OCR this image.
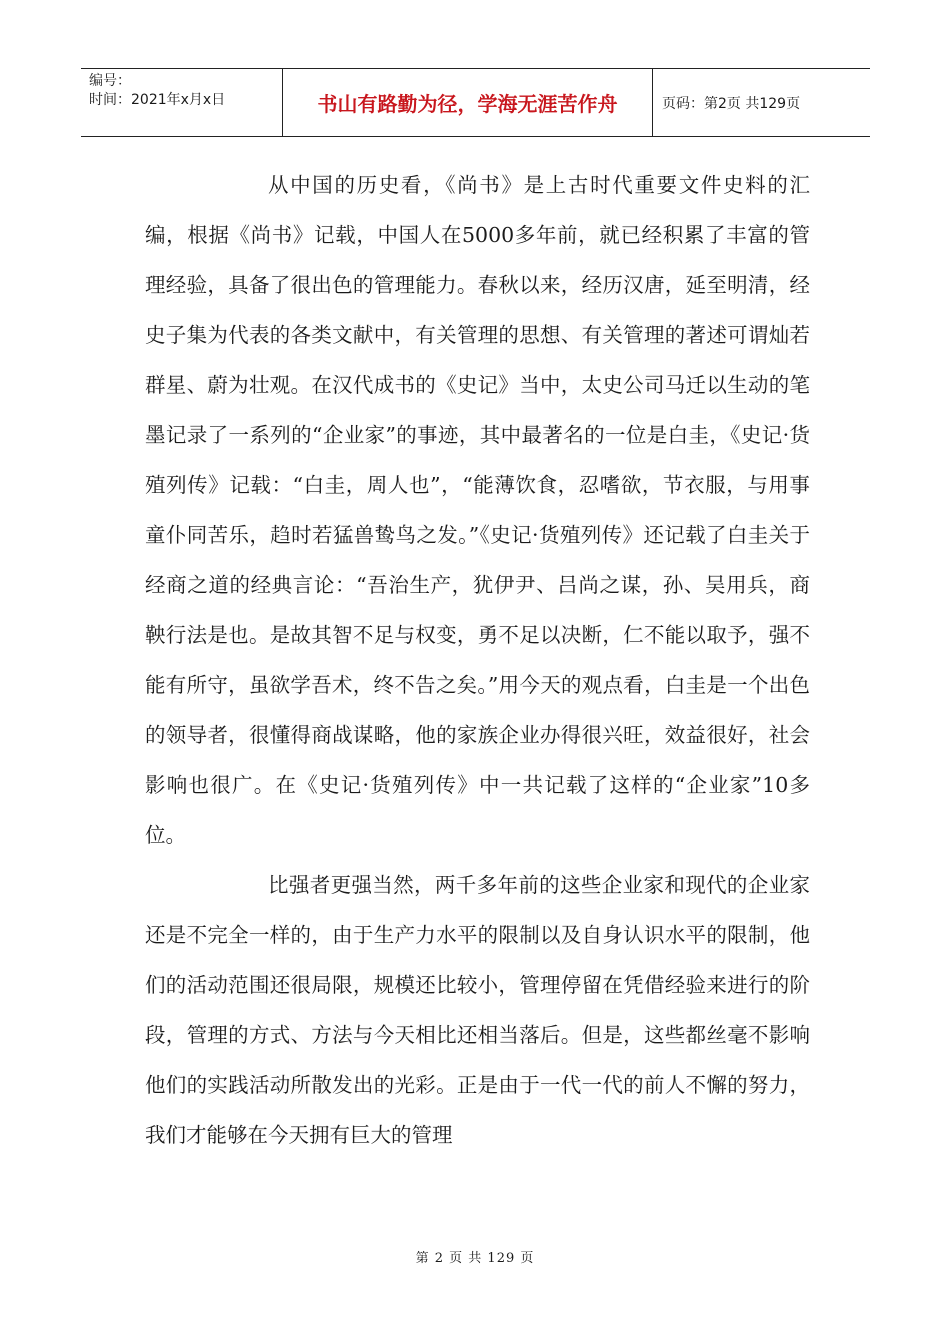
编号：
时间：2021年x月x日	书山有路勤为径，学海无涯苦作舟	页码：第2页 共129页

从中国的历史看，《尚书》是上古时代重要文件史料的汇编，根据《尚书》记载，中国人在5000多年前，就已经积累了丰富的管理经验，具备了很出色的管理能力。春秋以来，经历汉唐，延至明清，经史子集为代表的各类文献中，有关管理的思想、有关管理的著述可谓灿若群星、蔚为壮观。在汉代成书的《史记》当中，太史公司马迁以生动的笔墨记录了一系列的“企业家”的事迹，其中最著名的一位是白圭，《史记·货殖列传》记载：“白圭，周人也”，“能薄饮食，忍嗜欲，节衣服，与用事童仆同苦乐，趋时若猛兽鸷鸟之发。”《史记·货殖列传》还记载了白圭关于经商之道的经典言论：“吾治生产，犹伊尹、吕尚之谋，孙、吴用兵，商鞅行法是也。是故其智不足与权变，勇不足以决断，仁不能以取予，强不能有所守，虽欲学吾术，终不告之矣。”用今天的观点看，白圭是一个出色的领导者，很懂得商战谋略，他的家族企业办得很兴旺，效益很好，社会影响也很广。在《史记·货殖列传》中一共记载了这样的“企业家”10多位。

比强者更强当然，两千多年前的这些企业家和现代的企业家还是不完全一样的，由于生产力水平的限制以及自身认识水平的限制，他们的活动范围还很局限，规模还比较小，管理停留在凭借经验来进行的阶段，管理的方式、方法与今天相比还相当落后。但是，这些都丝毫不影响他们的实践活动所散发出的光彩。正是由于一代一代的前人不懈的努力，我们才能够在今天拥有巨大的管理

第 2 页 共 129 页
